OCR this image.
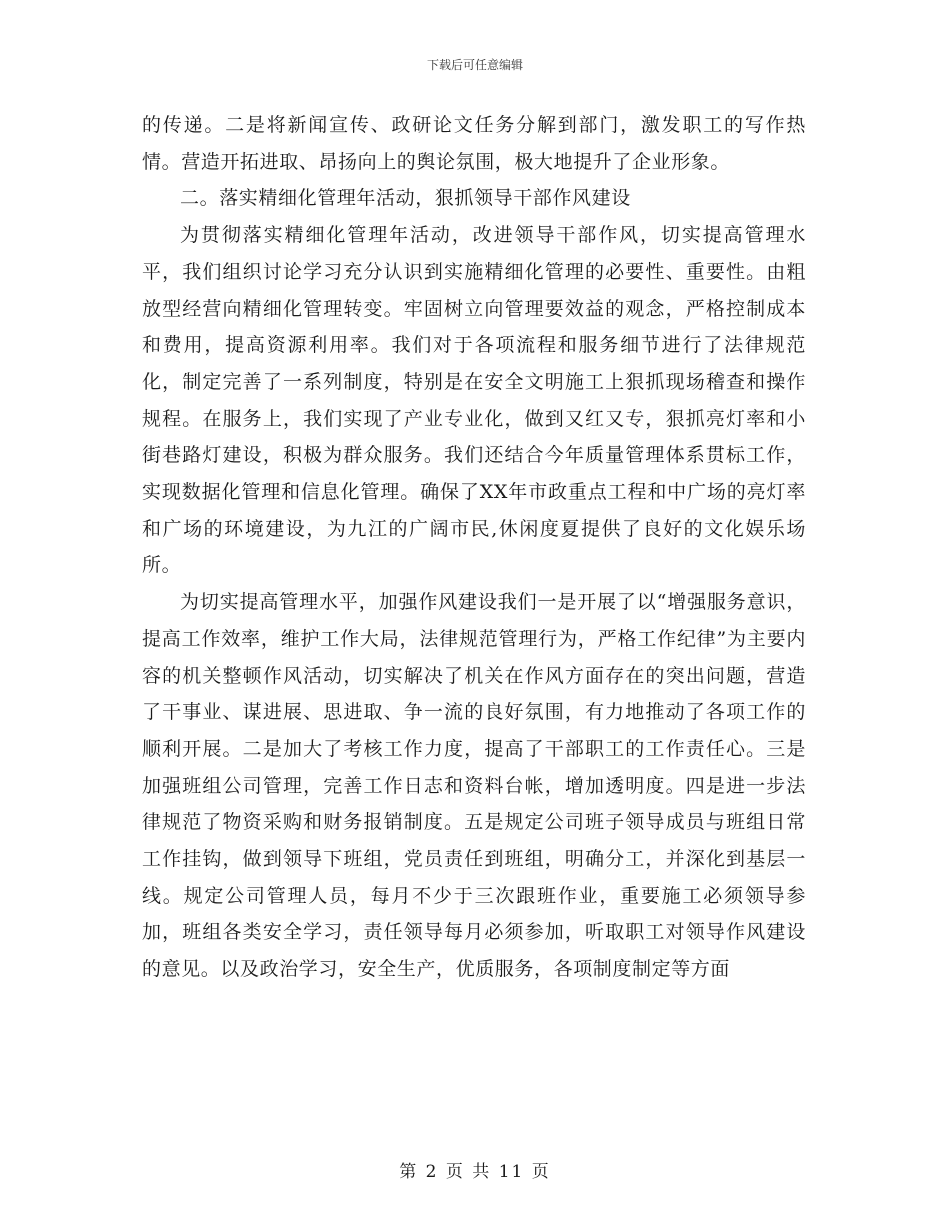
下载后可任意编辑

的传递。二是将新闻宣传、政研论文任务分解到部门，激发职工的写作热情。营造开拓进取、昂扬向上的舆论氛围，极大地提升了企业形象。

二。落实精细化管理年活动，狠抓领导干部作风建设

为贯彻落实精细化管理年活动，改进领导干部作风，切实提高管理水平，我们组织讨论学习充分认识到实施精细化管理的必要性、重要性。由粗放型经营向精细化管理转变。牢固树立向管理要效益的观念，严格控制成本和费用，提高资源利用率。我们对于各项流程和服务细节进行了法律规范化，制定完善了一系列制度，特别是在安全文明施工上狠抓现场稽查和操作规程。在服务上，我们实现了产业专业化，做到又红又专，狠抓亮灯率和小街巷路灯建设，积极为群众服务。我们还结合今年质量管理体系贯标工作，实现数据化管理和信息化管理。确保了XX年市政重点工程和中广场的亮灯率和广场的环境建设，为九江的广阔市民,休闲度夏提供了良好的文化娱乐场所。

为切实提高管理水平，加强作风建设我们一是开展了以“增强服务意识，提高工作效率，维护工作大局，法律规范管理行为，严格工作纪律”为主要内容的机关整顿作风活动，切实解决了机关在作风方面存在的突出问题，营造了干事业、谋进展、思进取、争一流的良好氛围，有力地推动了各项工作的顺利开展。二是加大了考核工作力度，提高了干部职工的工作责任心。三是加强班组公司管理，完善工作日志和资料台帐，增加透明度。四是进一步法律规范了物资采购和财务报销制度。五是规定公司班子领导成员与班组日常工作挂钩，做到领导下班组，党员责任到班组，明确分工，并深化到基层一线。规定公司管理人员，每月不少于三次跟班作业，重要施工必须领导参加，班组各类安全学习，责任领导每月必须参加，听取职工对领导作风建设的意见。以及政治学习，安全生产，优质服务，各项制度制定等方面

第 2 页 共 11 页
